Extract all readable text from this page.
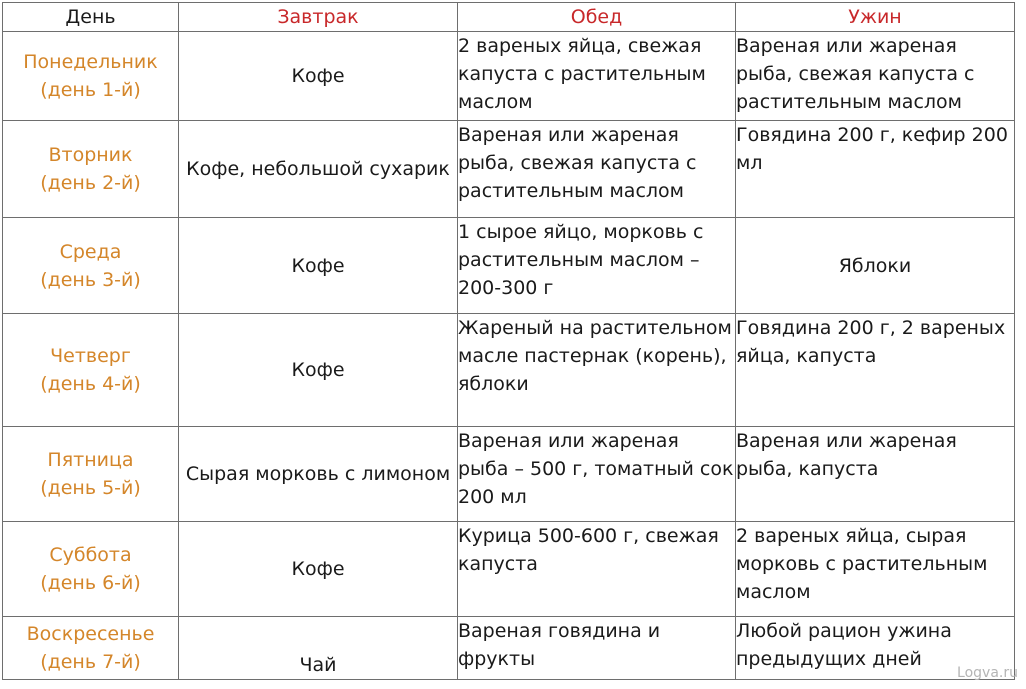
День	Завтрак	Обед	Ужин

Понедельник
(день 1-й)	Кофе	2 вареных яйца, свежая капуста с растительным маслом	Вареная или жареная рыба, свежая капуста с растительным маслом

Вторник
(день 2-й)	Кофе, небольшой сухарик	Вареная или жареная рыба, свежая капуста с растительным маслом	Говядина 200 г, кефир 200 мл

Среда
(день 3-й)	Кофе	1 сырое яйцо, морковь с растительным маслом – 200-300 г	Яблоки

Четверг
(день 4-й)	Кофе	Жареный на растительном масле пастернак (корень), яблоки	Говядина 200 г, 2 вареных яйца, капуста

Пятница
(день 5-й)	Сырая морковь с лимоном	Вареная или жареная рыба – 500 г, томатный сок 200 мл	Вареная или жареная рыба, капуста

Суббота
(день 6-й)	Кофе	Курица 500-600 г, свежая капуста	2 вареных яйца, сырая морковь с растительным маслом

Воскресенье
(день 7-й)	Чай	Вареная говядина и фрукты	Любой рацион ужина предыдущих дней
Logva.ru
